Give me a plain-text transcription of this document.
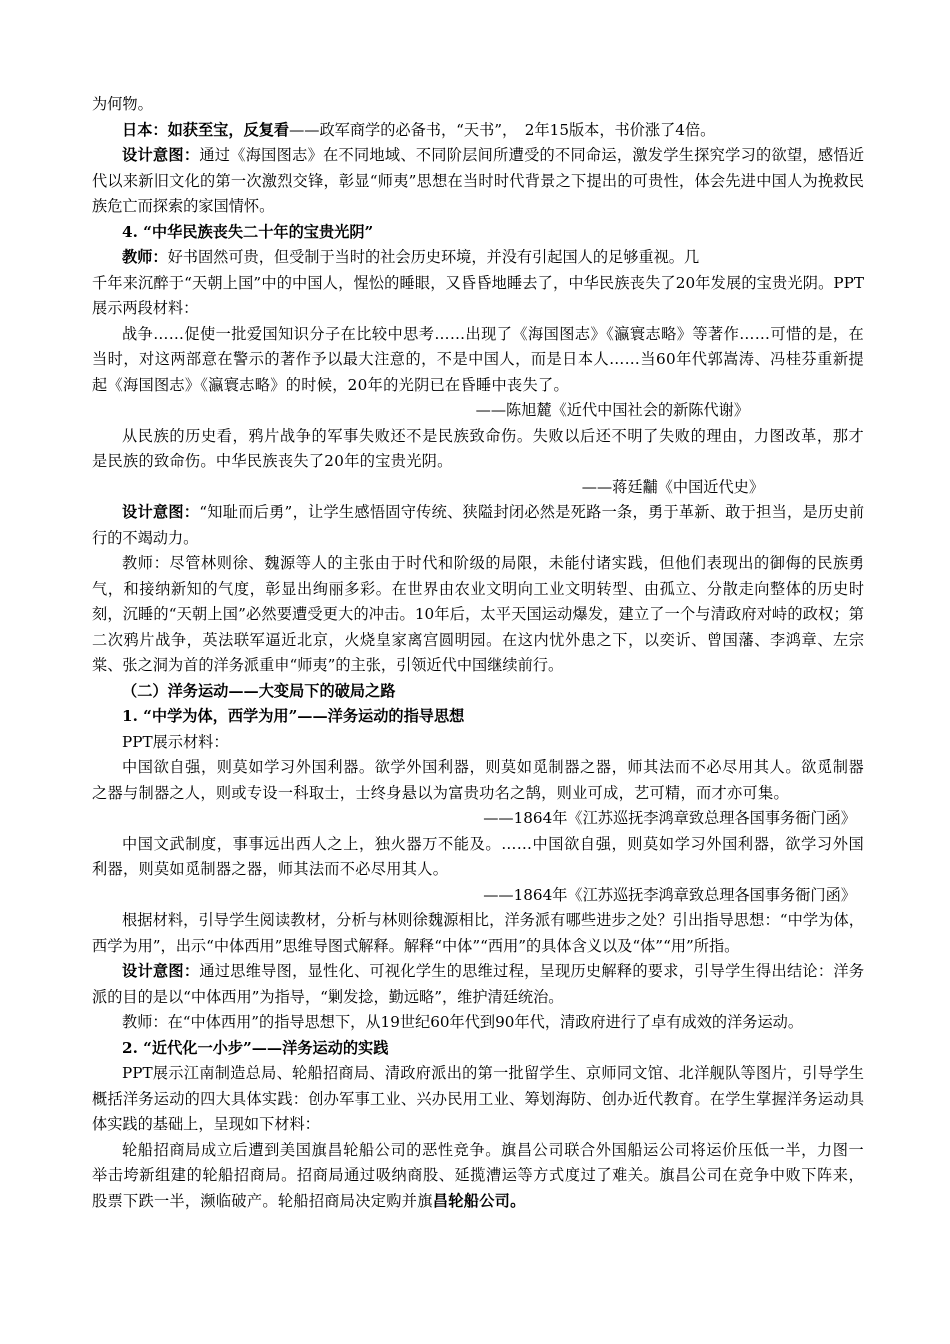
为何物。

日本：如获至宝，反复看——政军商学的必备书，“天书”，　2年15版本，书价涨了4倍。

设计意图：通过《海国图志》在不同地域、不同阶层间所遭受的不同命运，激发学生探究学习的欲望，感悟近代以来新旧文化的第一次激烈交锋，彰显“师夷”思想在当时时代背景之下提出的可贵性，体会先进中国人为挽救民族危亡而探索的家国情怀。

4. “中华民族丧失二十年的宝贵光阴”

教师：好书固然可贵，但受制于当时的社会历史环境，并没有引起国人的足够重视。几

千年来沉醉于“天朝上国”中的中国人，惺忪的睡眼，又昏昏地睡去了，中华民族丧失了20年发展的宝贵光阴。PPT展示两段材料：

战争……促使一批爱国知识分子在比较中思考……出现了《海国图志》《瀛寰志略》等著作……可惜的是，在当时，对这两部意在警示的著作予以最大注意的，不是中国人，而是日本人……当60年代郭嵩涛、冯桂芬重新提起《海国图志》《瀛寰志略》的时候，20年的光阴已在昏睡中丧失了。

——陈旭麓《近代中国社会的新陈代谢》

从民族的历史看，鸦片战争的军事失败还不是民族致命伤。失败以后还不明了失败的理由，力图改革，那才是民族的致命伤。中华民族丧失了20年的宝贵光阴。

——蒋廷黼《中国近代史》

设计意图：“知耻而后勇”，让学生感悟固守传统、狭隘封闭必然是死路一条，勇于革新、敢于担当，是历史前行的不竭动力。

教师：尽管林则徐、魏源等人的主张由于时代和阶级的局限，未能付诸实践，但他们表现出的御侮的民族勇气，和接纳新知的气度，彰显出绚丽多彩。在世界由农业文明向工业文明转型、由孤立、分散走向整体的历史时刻，沉睡的“天朝上国”必然要遭受更大的冲击。10年后，太平天国运动爆发，建立了一个与清政府对峙的政权；第二次鸦片战争，英法联军逼近北京，火烧皇家离宫圆明园。在这内忧外患之下，以奕䜣、曾国藩、李鸿章、左宗棠、张之洞为首的洋务派重申“师夷”的主张，引领近代中国继续前行。

（二）洋务运动——大变局下的破局之路

1. “中学为体，西学为用”——洋务运动的指导思想

PPT展示材料：

中国欲自强，则莫如学习外国利器。欲学外国利器，则莫如觅制器之器，师其法而不必尽用其人。欲觅制器之器与制器之人，则或专设一科取士，士终身悬以为富贵功名之鹄，则业可成，艺可精，而才亦可集。

——1864年《江苏巡抚李鸿章致总理各国事务衙门函》

中国文武制度，事事远出西人之上，独火器万不能及。……中国欲自强，则莫如学习外国利器，欲学习外国利器，则莫如觅制器之器，师其法而不必尽用其人。

——1864年《江苏巡抚李鸿章致总理各国事务衙门函》

根据材料，引导学生阅读教材，分析与林则徐魏源相比，洋务派有哪些进步之处？引出指导思想：“中学为体，西学为用”，出示“中体西用”思维导图式解释。解释“中体”“西用”的具体含义以及“体”“用”所指。

设计意图：通过思维导图，显性化、可视化学生的思维过程，呈现历史解释的要求，引导学生得出结论：洋务派的目的是以“中体西用”为指导，“剿发捻，勤远略”，维护清廷统治。

教师：在“中体西用”的指导思想下，从19世纪60年代到90年代，清政府进行了卓有成效的洋务运动。

2. “近代化一小步”——洋务运动的实践

PPT展示江南制造总局、轮船招商局、清政府派出的第一批留学生、京师同文馆、北洋舰队等图片，引导学生概括洋务运动的四大具体实践：创办军事工业、兴办民用工业、筹划海防、创办近代教育。在学生掌握洋务运动具体实践的基础上，呈现如下材料：

轮船招商局成立后遭到美国旗昌轮船公司的恶性竞争。旗昌公司联合外国船运公司将运价压低一半，力图一举击垮新组建的轮船招商局。招商局通过吸纳商股、延揽漕运等方式度过了难关。旗昌公司在竞争中败下阵来，股票下跌一半，濒临破产。轮船招商局决定购并旗昌轮船公司。
